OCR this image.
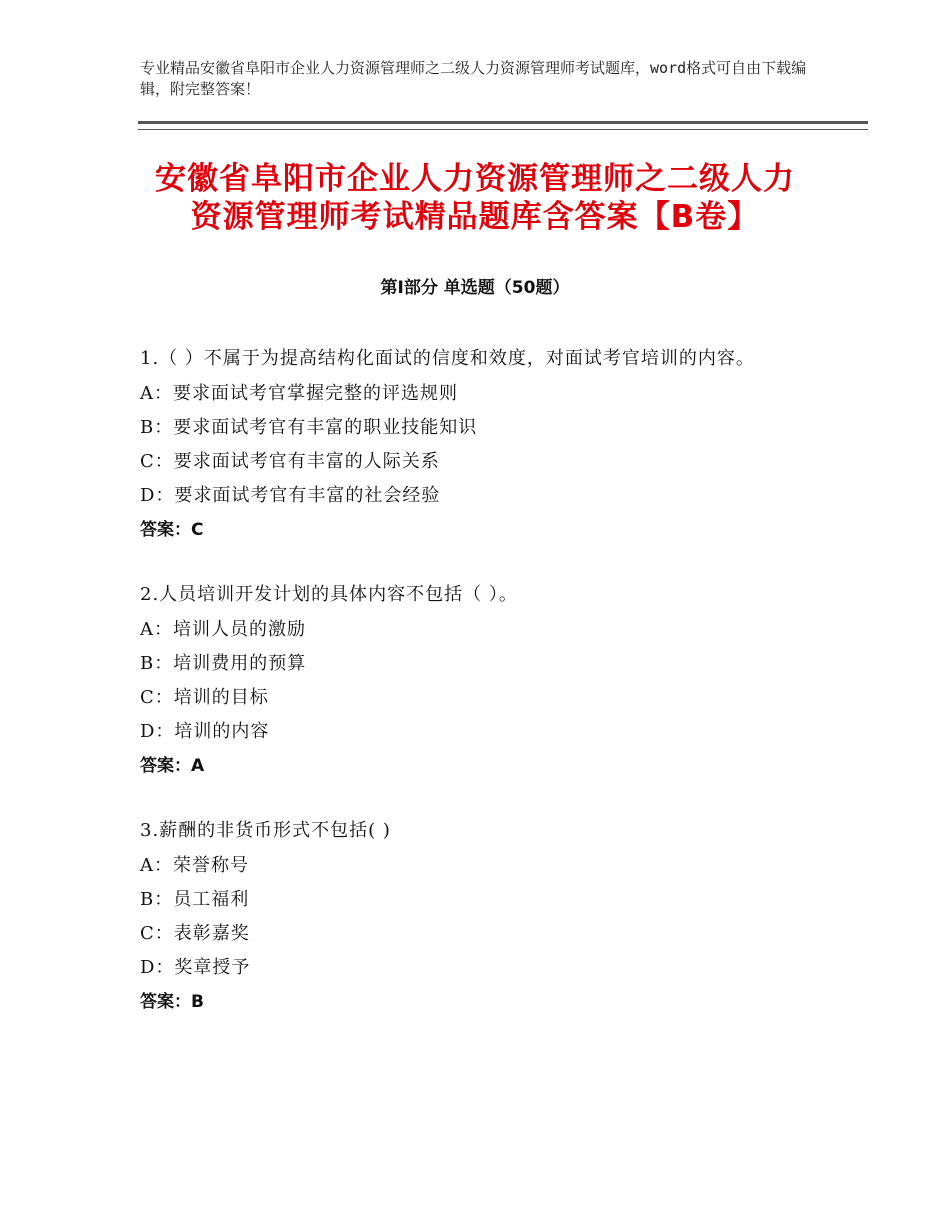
专业精品安徽省阜阳市企业人力资源管理师之二级人力资源管理师考试题库，word格式可自由下载编辑，附完整答案！
安徽省阜阳市企业人力资源管理师之二级人力资源管理师考试精品题库含答案【B卷】
第Ⅰ部分 单选题（50题）
1.（ ）不属于为提高结构化面试的信度和效度，对面试考官培训的内容。
A：要求面试考官掌握完整的评选规则
B：要求面试考官有丰富的职业技能知识
C：要求面试考官有丰富的人际关系
D：要求面试考官有丰富的社会经验
答案：C
2.人员培训开发计划的具体内容不包括（ ）。
A：培训人员的激励
B：培训费用的预算
C：培训的目标
D：培训的内容
答案：A
3.薪酬的非货币形式不包括( )
A：荣誉称号
B：员工福利
C：表彰嘉奖
D：奖章授予
答案：B
